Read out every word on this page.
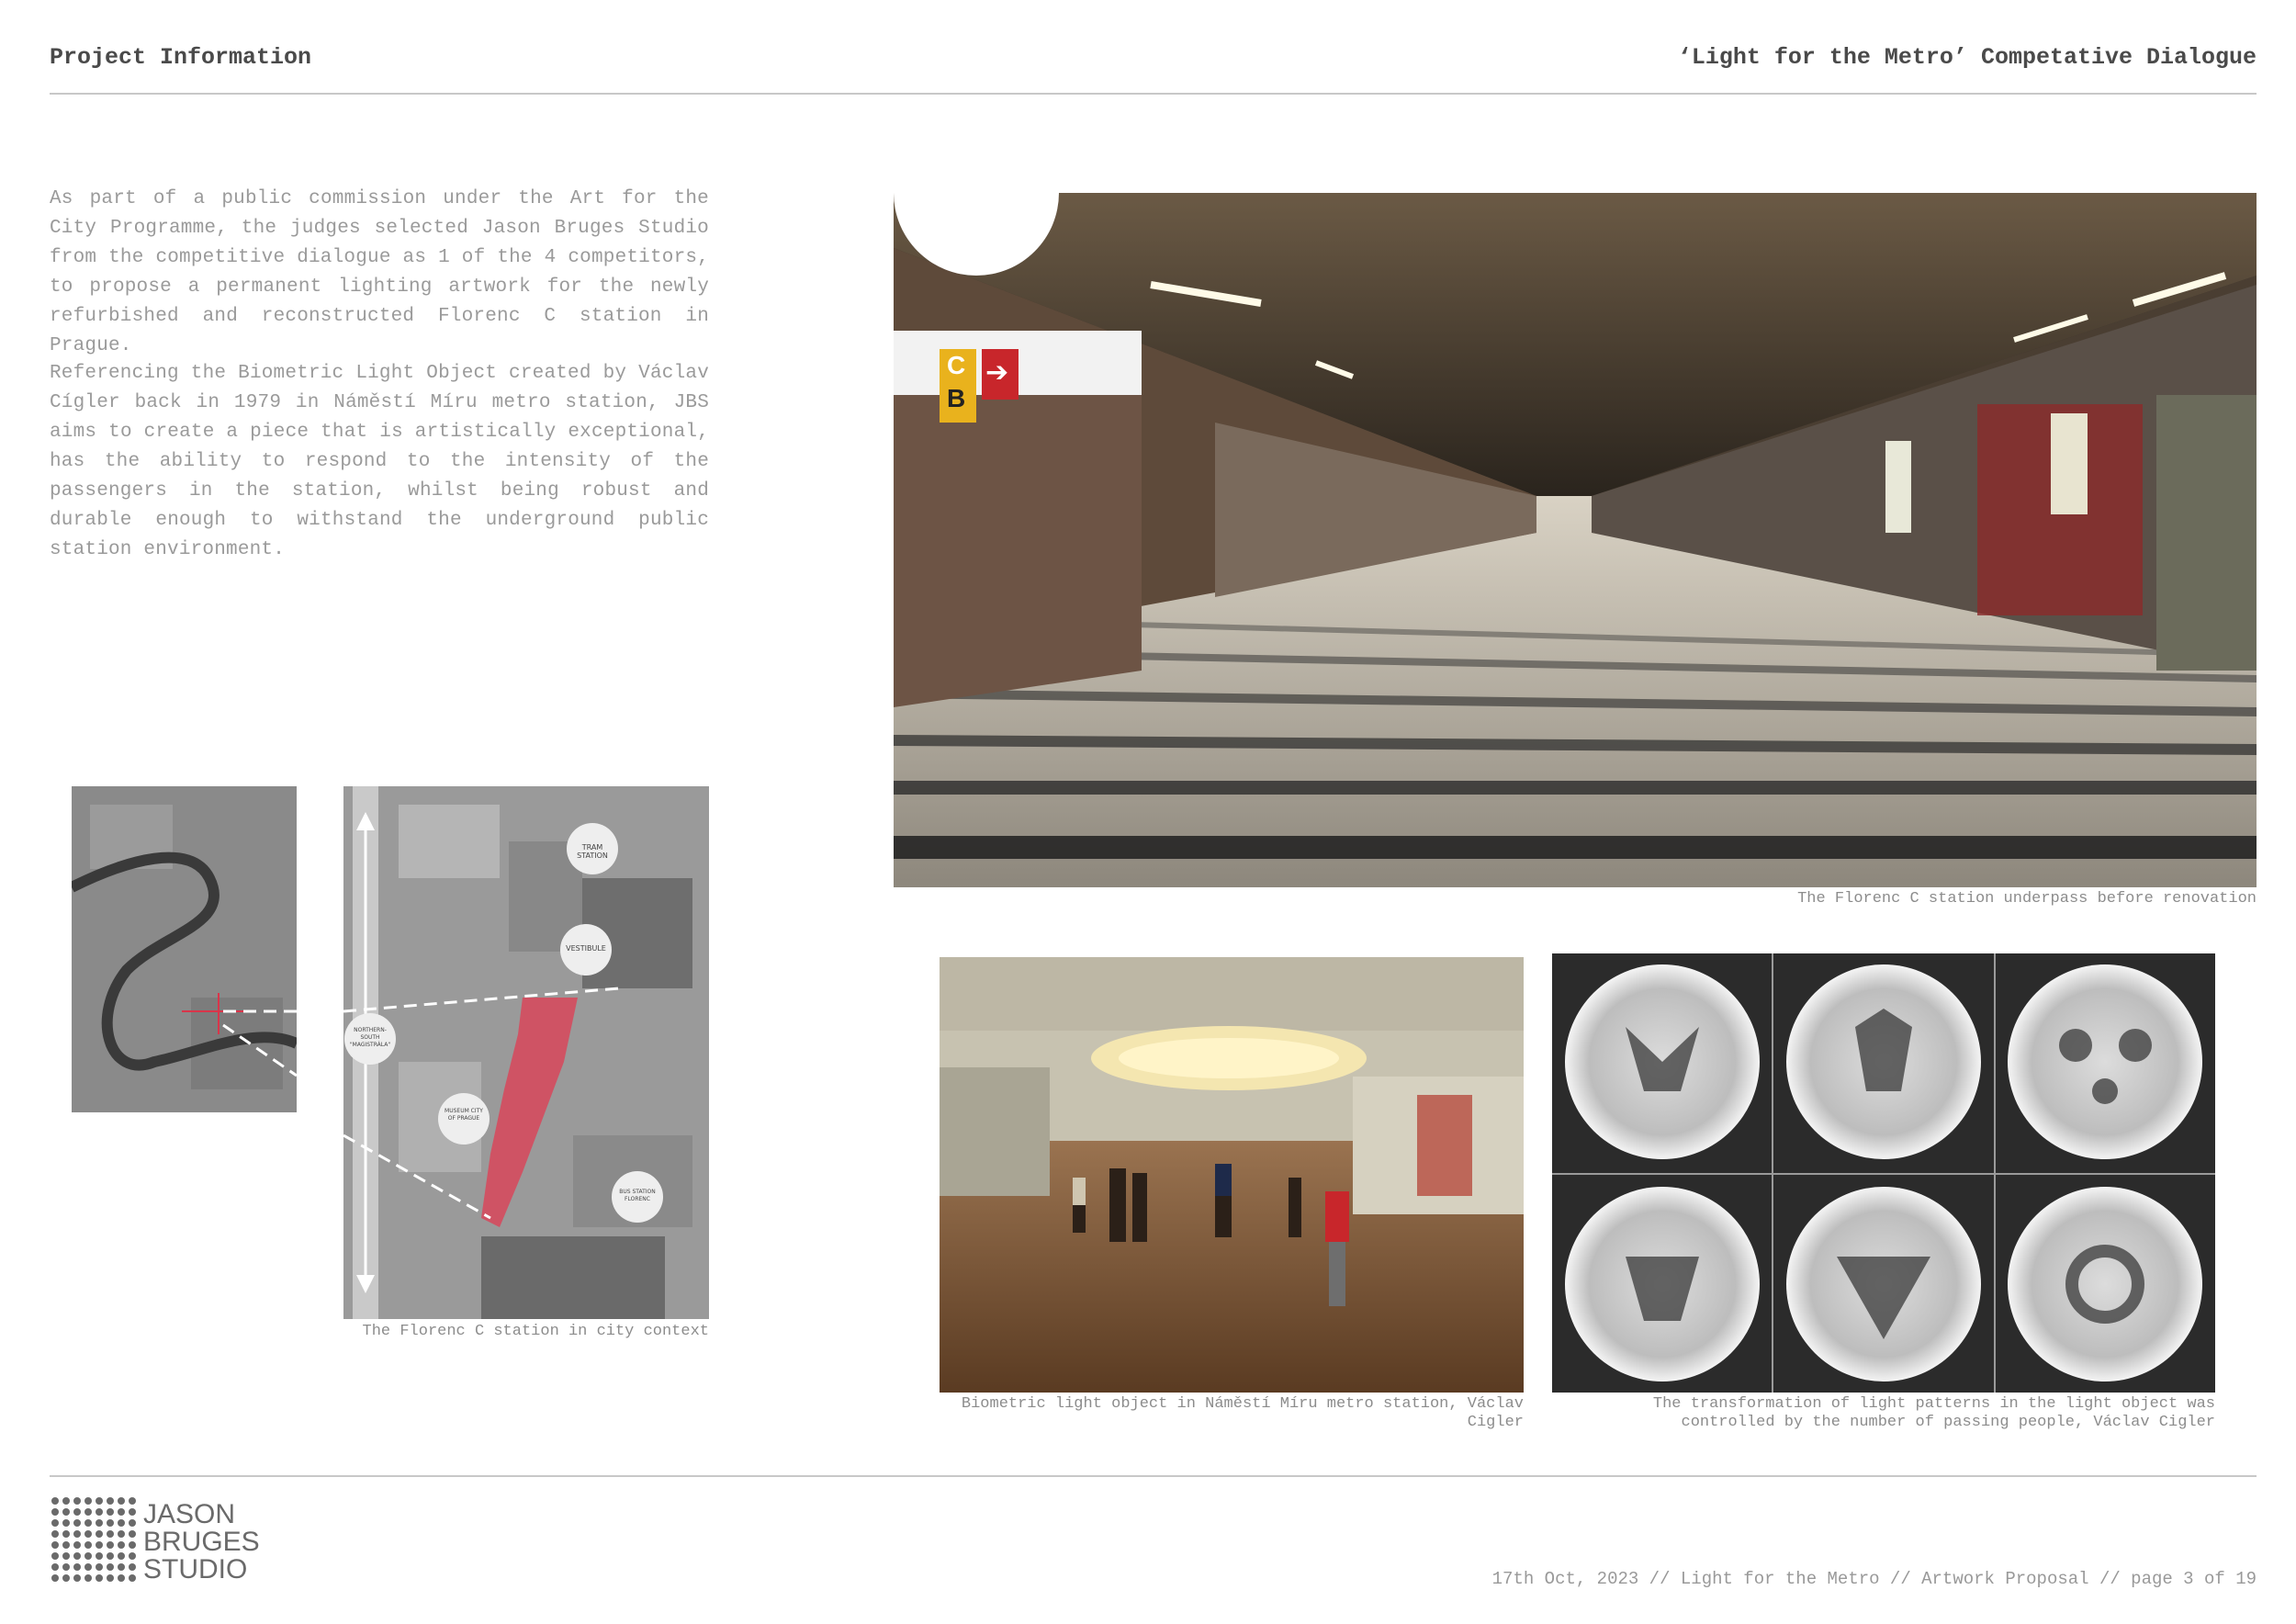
Project Information	‘Light for the Metro’ Competative Dialogue

As part of a public commission under the Art for the City Programme, the judges selected Jason Bruges Studio from the competitive dialogue as 1 of the 4 competitors, to propose a permanent lighting artwork for the newly refurbished and reconstructed Florenc C station in Prague.

Referencing the Biometric Light Object created by Václav Cígler back in 1979 in Náměstí Míru metro station, JBS aims to create a piece that is artistically exceptional, has the ability to respond to the intensity of the passengers in the station, whilst being robust and durable enough to withstand the underground public station environment.

C
B
➔
The Florenc C station underpass before renovation
TRAM STATION
VESTIBULE
NORTHERN-SOUTH "MAGISTRÁLA"
MUSEUM CITY OF PRAGUE
BUS STATION FLORENC
The Florenc C station in city context
Biometric light object in Náměstí Míru metro station, Václav Cigler
The transformation of light patterns in the light object was controlled by the number of passing people, Václav Cigler
JASON
BRUGES
STUDIO	17th Oct, 2023 // Light for the Metro // Artwork Proposal // page 3 of 19
